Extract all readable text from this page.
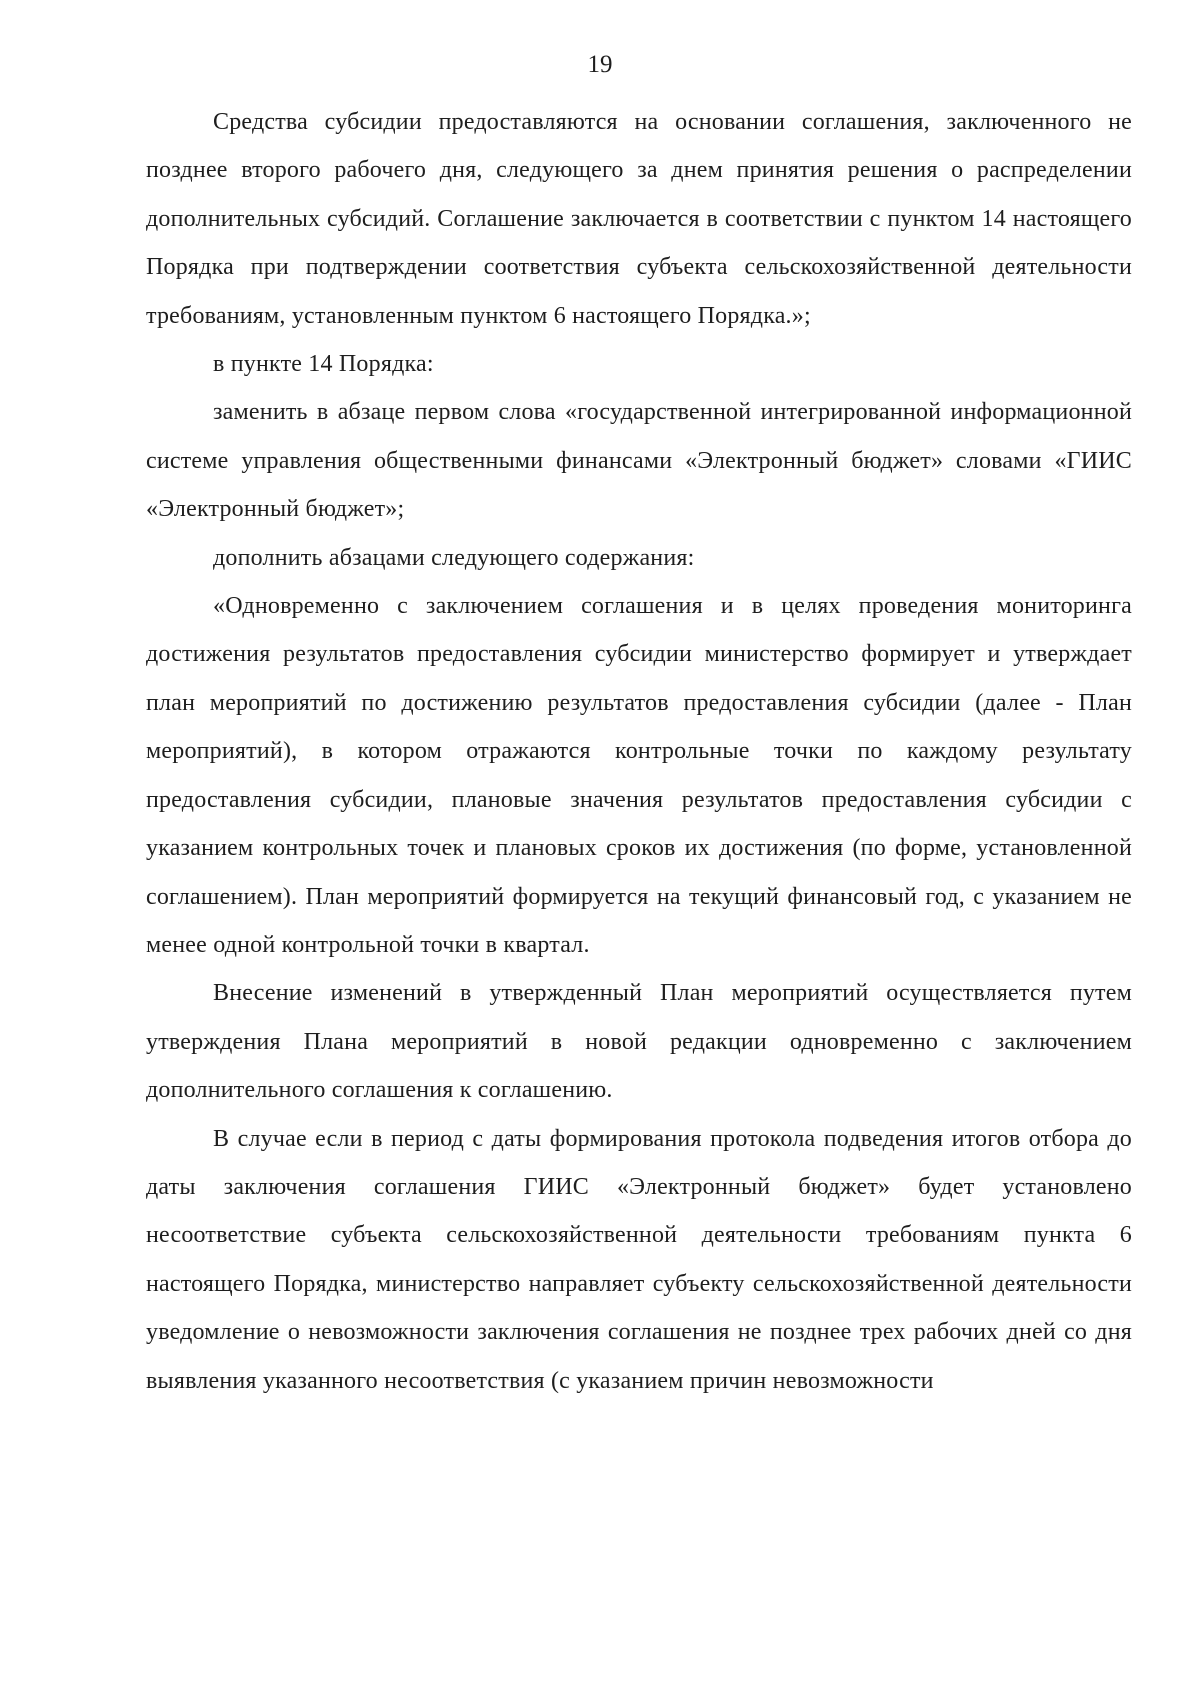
19

Средства субсидии предоставляются на основании соглашения, заключенного не позднее второго рабочего дня, следующего за днем принятия решения о распределении дополнительных субсидий. Соглашение заключается в соответствии с пунктом 14 настоящего Порядка при подтверждении соответствия субъекта сельскохозяйственной деятельности требованиям, установленным пунктом 6 настоящего Порядка.»;

в пункте 14 Порядка:

заменить в абзаце первом слова «государственной интегрированной информационной системе управления общественными финансами «Электронный бюджет» словами «ГИИС «Электронный бюджет»;

дополнить абзацами следующего содержания:

«Одновременно с заключением соглашения и в целях проведения мониторинга достижения результатов предоставления субсидии министерство формирует и утверждает план мероприятий по достижению результатов предоставления субсидии (далее - План мероприятий), в котором отражаются контрольные точки по каждому результату предоставления субсидии, плановые значения результатов предоставления субсидии с указанием контрольных точек и плановых сроков их достижения (по форме, установленной соглашением). План мероприятий формируется на текущий финансовый год, с указанием не менее одной контрольной точки в квартал.

Внесение изменений в утвержденный План мероприятий осуществляется путем утверждения Плана мероприятий в новой редакции одновременно с заключением дополнительного соглашения к соглашению.

В случае если в период с даты формирования протокола подведения итогов отбора до даты заключения соглашения ГИИС «Электронный бюджет» будет установлено несоответствие субъекта сельскохозяйственной деятельности требованиям пункта 6 настоящего Порядка, министерство направляет субъекту сельскохозяйственной деятельности уведомление о невозможности заключения соглашения не позднее трех рабочих дней со дня выявления указанного несоответствия (с указанием причин невозможности
